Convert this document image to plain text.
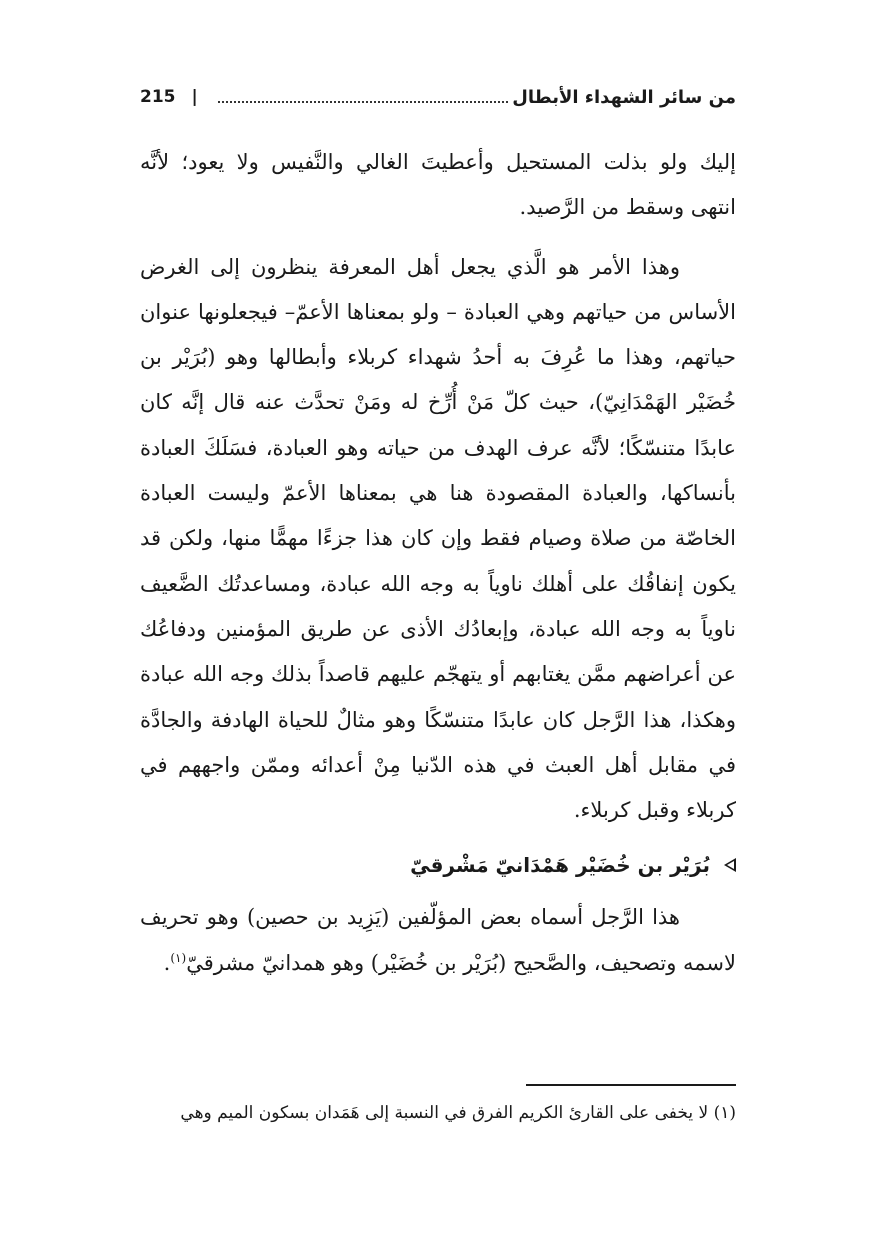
215 |	من سائر الشهداء الأبطال

إليك ولو بذلت المستحيل وأعطيتَ الغالي والنَّفيس ولا يعود؛ لأنَّه انتهى وسقط من الرَّصيد.

وهذا الأمر هو الَّذي يجعل أهل المعرفة ينظرون إلى الغرض الأساس من حياتهم وهي العبادة – ولو بمعناها الأعمّ– فيجعلونها عنوان حياتهم، وهذا ما عُرِفَ به أحدُ شهداء كربلاء وأبطالها وهو (بُرَيْر بن خُضَيْر الهَمْدَانِيّ)، حيث كلّ مَنْ أُرِّخ له ومَنْ تحدَّث عنه قال إنَّه كان عابدًا متنسّكًا؛ لأنَّه عرف الهدف من حياته وهو العبادة، فسَلَكَ العبادة بأنساكها، والعبادة المقصودة هنا هي بمعناها الأعمّ وليست العبادة الخاصّة من صلاة وصيام فقط وإن كان هذا جزءًا مهمًّا منها، ولكن قد يكون إنفاقُك على أهلك ناوياً به وجه الله عبادة، ومساعدتُك الضَّعيف ناوياً به وجه الله عبادة، وإبعادُك الأذى عن طريق المؤمنين ودفاعُك عن أعراضهم ممَّن يغتابهم أو يتهجّم عليهم قاصداً بذلك وجه الله عبادة وهكذا، هذا الرَّجل كان عابدًا متنسّكًا وهو مثالٌ للحياة الهادفة والجادَّة في مقابل أهل العبث في هذه الدّنيا مِنْ أعدائه وممّن واجههم في كربلاء وقبل كربلاء.

بُرَيْر بن خُضَيْر هَمْدَانيّ مَشْرقيّ

هذا الرَّجل أسماه بعض المؤلّفين (يَزِيد بن حصين) وهو تحريف لاسمه وتصحيف، والصَّحيح (بُرَيْر بن خُضَيْر) وهو همدانيّ مشرقيّ$^{(١)}$.

(١) لا يخفى على القارئ الكريم الفرق في النسبة إلى هَمَدان بسكون الميم وهي
